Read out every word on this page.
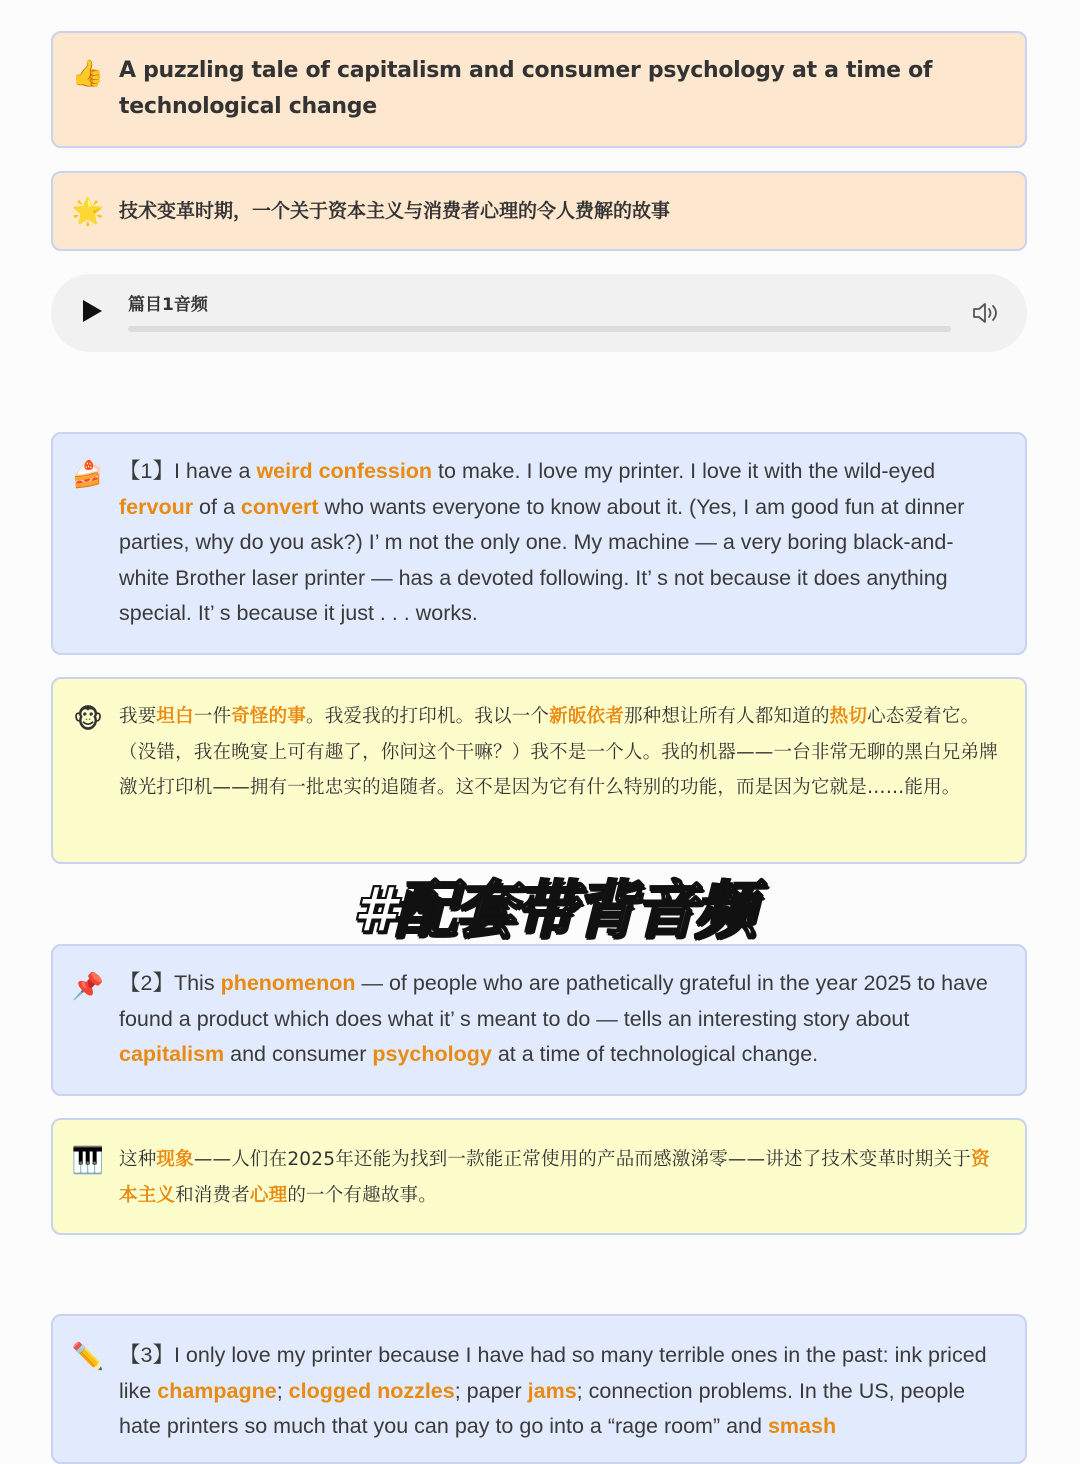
👍 A puzzling tale of capitalism and consumer psychology at a time of technological change
🌟 技术变革时期，一个关于资本主义与消费者心理的令人费解的故事
篇目1音频
🍰 【1】I have a weird confession to make. I love my printer. I love it with the wild-eyed fervour of a convert who wants everyone to know about it. (Yes, I am good fun at dinner parties, why do you ask?) I’ m not the only one. My machine — a very boring black-and-white Brother laser printer — has a devoted following. It’ s not because it does anything special. It’ s because it just . . . works.
🐵 我要坦白一件奇怪的事。我爱我的打印机。我以一个新皈依者那种想让所有人都知道的热切心态爱着它。（没错，我在晚宴上可有趣了，你问这个干嘛？）我不是一个人。我的机器——一台非常无聊的黑白兄弟牌激光打印机——拥有一批忠实的追随者。这不是因为它有什么特别的功能，而是因为它就是……能用。
📌 【2】This phenomenon — of people who are pathetically grateful in the year 2025 to have found a product which does what it’ s meant to do — tells an interesting story about capitalism and consumer psychology at a time of technological change.
🎹 这种现象——人们在2025年还能为找到一款能正常使用的产品而感激涕零——讲述了技术变革时期关于资本主义和消费者心理的一个有趣故事。
✏️ 【3】I only love my printer because I have had so many terrible ones in the past: ink priced like champagne; clogged nozzles; paper jams; connection problems. In the US, people hate printers so much that you can pay to go into a “rage room” and smash
#配套带背音频
